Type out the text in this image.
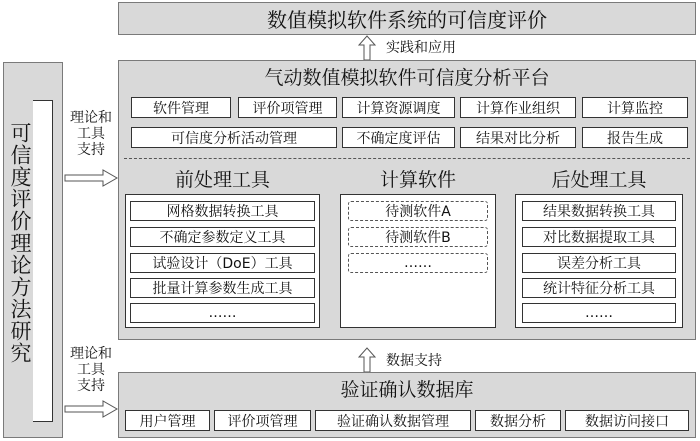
数值模拟软件系统的可信度评价
实践和应用
气动数值模拟软件可信度分析平台
软件管理	评价项管理	计算资源调度	计算作业组织	计算监控
可信度分析活动管理	不确定度评估	结果对比分析	报告生成
前处理工具
网格数据转换工具
不确定参数定义工具
试验设计（DoE）工具
批量计算参数生成工具
……
计算软件
待测软件A
待测软件B
……
后处理工具
结果数据转换工具
对比数据提取工具
误差分析工具
统计特征分析工具
……
数据支持
验证确认数据库
用户管理	评价项管理	验证确认数据管理	数据分析	数据访问接口
可信度评价理论方法研究
理论和
工具
支持
理论和
工具
支持
